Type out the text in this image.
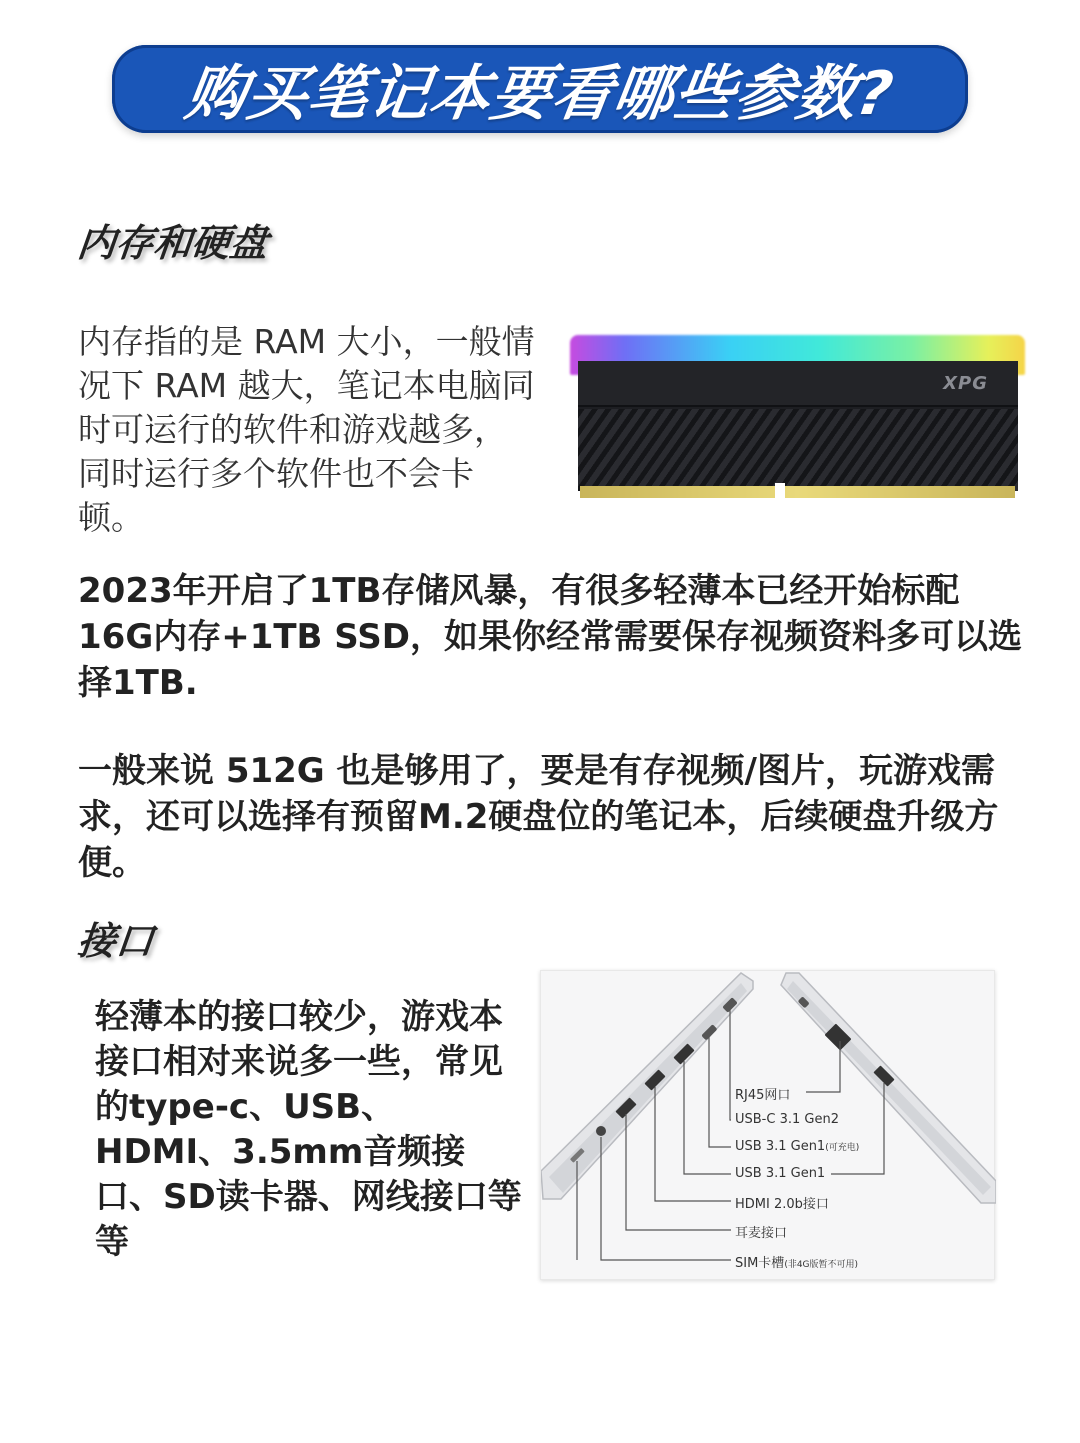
购买笔记本要看哪些参数?
内存和硬盘
内存指的是 RAM 大小，一般情况下 RAM 越大，笔记本电脑同时可运行的软件和游戏越多，同时运行多个软件也不会卡顿。
XPG
2023年开启了1TB存储风暴，有很多轻薄本已经开始标配16G内存+1TB SSD，如果你经常需要保存视频资料多可以选择1TB.
一般来说 512G 也是够用了，要是有存视频/图片，玩游戏需求，还可以选择有预留M.2硬盘位的笔记本，后续硬盘升级方便。
接口
轻薄本的接口较少，游戏本接口相对来说多一些，常见的type-c、USB、HDMI、3.5mm音频接口、SD读卡器、网线接口等等
RJ45网口
USB-C 3.1 Gen2
USB 3.1 Gen1(可充电)
USB 3.1 Gen1
HDMI 2.0b接口
耳麦接口
SIM卡槽(非4G版暂不可用)
